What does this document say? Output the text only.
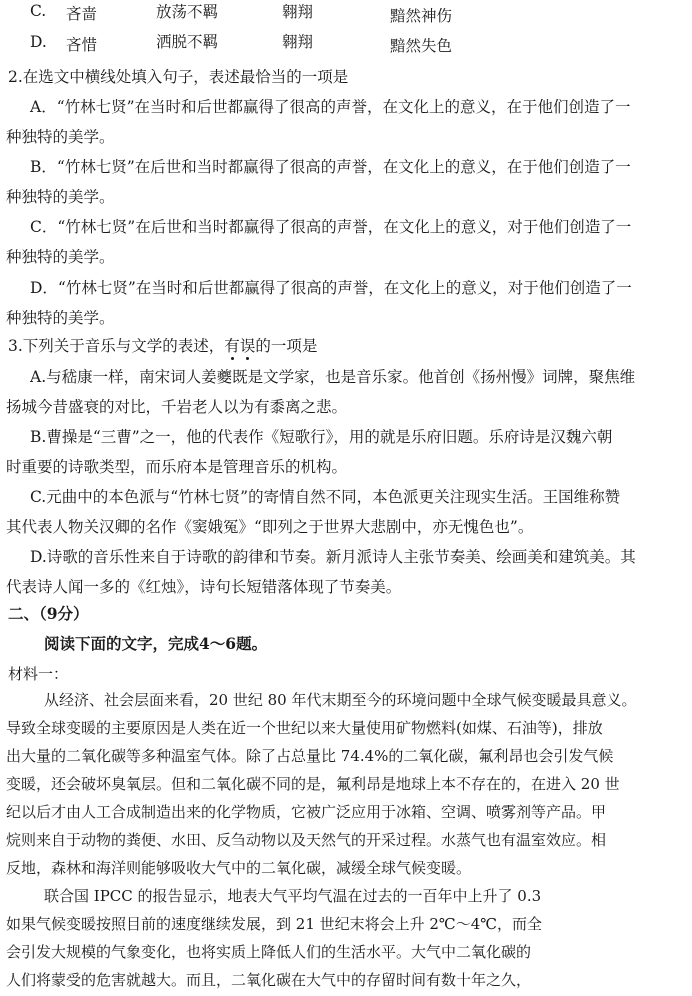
C. 吝啬	放荡不羁	翱翔	黯然神伤
D. 吝惜	洒脱不羁	翱翔	黯然失色
2.在选文中横线处填入句子，表述最恰当的一项是
A．“竹林七贤”在当时和后世都赢得了很高的声誉，在文化上的意义，在于他们创造了一
种独特的美学。
B．“竹林七贤”在后世和当时都赢得了很高的声誉，在文化上的意义，在于他们创造了一
种独特的美学。
C．“竹林七贤”在后世和当时都赢得了很高的声誉，在文化上的意义，对于他们创造了一
种独特的美学。
D．“竹林七贤”在当时和后世都赢得了很高的声誉，在文化上的意义，对于他们创造了一
种独特的美学。
3.下列关于音乐与文学的表述，有误的一项是
A.与嵇康一样，南宋词人姜夔既是文学家，也是音乐家。他首创《扬州慢》词牌，聚焦维
扬城今昔盛衰的对比，千岩老人以为有黍离之悲。
B.曹操是“三曹”之一，他的代表作《短歌行》，用的就是乐府旧题。乐府诗是汉魏六朝
时重要的诗歌类型，而乐府本是管理音乐的机构。
C.元曲中的本色派与“竹林七贤”的寄情自然不同，本色派更关注现实生活。王国维称赞
其代表人物关汉卿的名作《窦娥冤》“即列之于世界大悲剧中，亦无愧色也”。
D.诗歌的音乐性来自于诗歌的韵律和节奏。新月派诗人主张节奏美、绘画美和建筑美。其
代表诗人闻一多的《红烛》，诗句长短错落体现了节奏美。
二、（9分）
阅读下面的文字，完成4～6题。
材料一：
从经济、社会层面来看，20 世纪 80 年代末期至今的环境问题中全球气候变暖最具意义。
导致全球变暖的主要原因是人类在近一个世纪以来大量使用矿物燃料(如煤、石油等)，排放
出大量的二氧化碳等多种温室气体。除了占总量比 74.4%的二氧化碳，氟利昂也会引发气候
变暖，还会破坏臭氧层。但和二氧化碳不同的是，氟利昂是地球上本不存在的，在进入 20 世
纪以后才由人工合成制造出来的化学物质，它被广泛应用于冰箱、空调、喷雾剂等产品。甲
烷则来自于动物的粪便、水田、反刍动物以及天然气的开采过程。水蒸气也有温室效应。相
反地，森林和海洋则能够吸收大气中的二氧化碳，减缓全球气候变暖。
联合国 IPCC 的报告显示，地表大气平均气温在过去的一百年中上升了 0.3
如果气候变暖按照目前的速度继续发展，到 21 世纪末将会上升 2℃～4℃，而全
会引发大规模的气象变化，也将实质上降低人们的生活水平。大气中二氧化碳的
人们将蒙受的危害就越大。而且，二氧化碳在大气中的存留时间有数十年之久，
